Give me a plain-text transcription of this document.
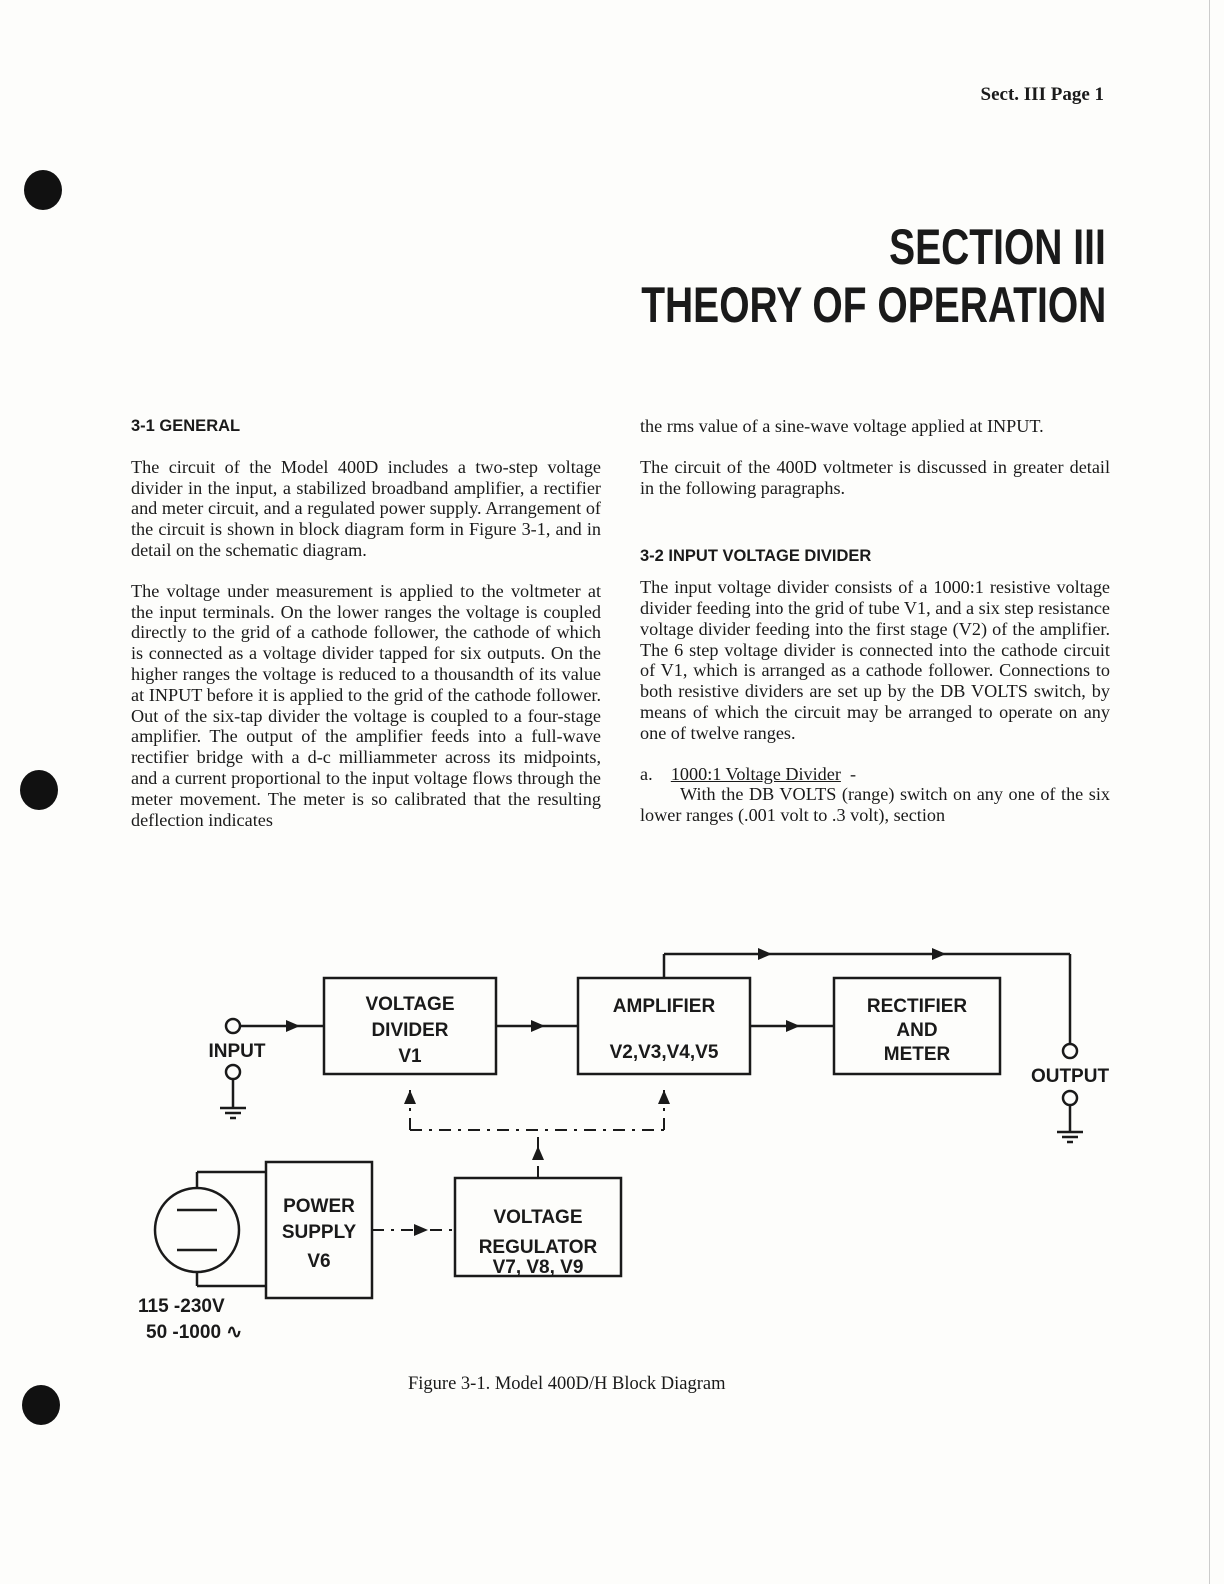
Sect. III Page 1
SECTION III
THEORY OF OPERATION

3-1 GENERAL

The circuit of the Model 400D includes a two-step voltage divider in the input, a stabilized broadband amplifier, a rectifier and meter circuit, and a regulated power supply. Arrangement of the circuit is shown in block diagram form in Figure 3-1, and in detail on the schematic diagram.

The voltage under measurement is applied to the voltmeter at the input terminals. On the lower ranges the voltage is coupled directly to the grid of a cathode follower, the cathode of which is connected as a voltage divider tapped for six outputs. On the higher ranges the voltage is reduced to a thousandth of its value at INPUT before it is applied to the grid of the cathode follower. Out of the six-tap divider the voltage is coupled to a four-stage amplifier. The output of the amplifier feeds into a full-wave rectifier bridge with a d-c milliammeter across its midpoints, and a current proportional to the input voltage flows through the meter movement. The meter is so calibrated that the resulting deflection indicates

the rms value of a sine-wave voltage applied at INPUT.

The circuit of the 400D voltmeter is discussed in greater detail in the following paragraphs.

3-2 INPUT VOLTAGE DIVIDER

The input voltage divider consists of a 1000:1 resistive voltage divider feeding into the grid of tube V1, and a six step resistance voltage divider feeding into the first stage (V2) of the amplifier. The 6 step voltage divider is connected into the cathode circuit of V1, which is arranged as a cathode follower. Connections to both resistive dividers are set up by the DB VOLTS switch, by means of which the circuit may be arranged to operate on any one of twelve ranges.

a. 1000:1 Voltage Divider -

With the DB VOLTS (range) switch on any one of the six lower ranges (.001 volt to .3 volt), section

VOLTAGE
DIVIDER
V1
AMPLIFIER
V2,V3,V4,V5
RECTIFIER
AND
METER
POWER
SUPPLY
V6
VOLTAGE
REGULATOR
V7, V8, V9
INPUT
OUTPUT
115 -230V
50 -1000 ∿
Figure 3-1. Model 400D/H Block Diagram
